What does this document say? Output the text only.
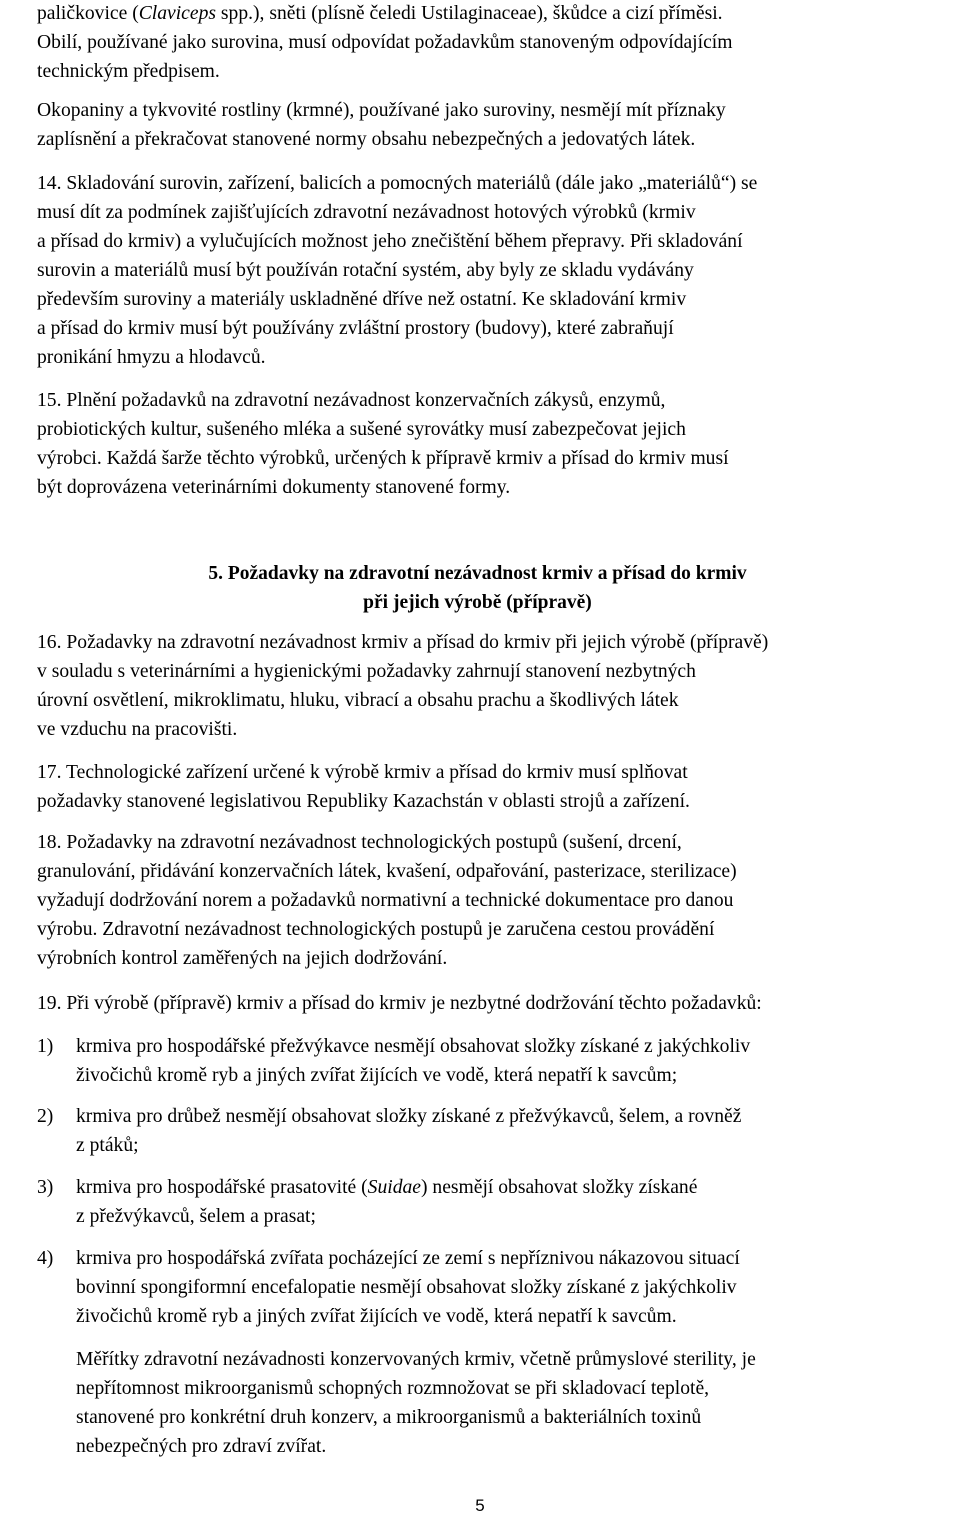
paličkovice (Claviceps spp.), sněti (plísně čeledi Ustilaginaceae), škůdce a cizí příměsi.
Obilí, používané jako surovina, musí odpovídat požadavkům stanoveným odpovídajícím
technickým předpisem.
Okopaniny a tykvovité rostliny (krmné), používané jako suroviny, nesmějí mít příznaky
zaplísnění a překračovat stanovené normy obsahu nebezpečných a jedovatých látek.
14. Skladování surovin, zařízení, balicích a pomocných materiálů (dále jako „materiálů“) se
musí dít za podmínek zajišťujících zdravotní nezávadnost hotových výrobků (krmiv
a přísad do krmiv) a vylučujících možnost jeho znečištění během přepravy. Při skladování
surovin a materiálů musí být používán rotační systém, aby byly ze skladu vydávány
především suroviny a materiály uskladněné dříve než ostatní. Ke skladování krmiv
a přísad do krmiv musí být používány zvláštní prostory (budovy), které zabraňují
pronikání hmyzu a hlodavců.
15. Plnění požadavků na zdravotní nezávadnost konzervačních zákysů, enzymů,
probiotických kultur, sušeného mléka a sušené syrovátky musí zabezpečovat jejich
výrobci. Každá šarže těchto výrobků, určených k přípravě krmiv a přísad do krmiv musí
být doprovázena veterinárními dokumenty stanovené formy.
5. Požadavky na zdravotní nezávadnost krmiv a přísad do krmiv
při jejich výrobě (přípravě)
16. Požadavky na zdravotní nezávadnost krmiv a přísad do krmiv při jejich výrobě (přípravě)
v souladu s veterinárními a hygienickými požadavky zahrnují stanovení nezbytných
úrovní osvětlení, mikroklimatu, hluku, vibrací a obsahu prachu a škodlivých látek
ve vzduchu na pracovišti.
17. Technologické zařízení určené k výrobě krmiv a přísad do krmiv musí splňovat
požadavky stanovené legislativou Republiky Kazachstán v oblasti strojů a zařízení.
18. Požadavky na zdravotní nezávadnost technologických postupů (sušení, drcení,
granulování, přidávání konzervačních látek, kvašení, odpařování, pasterizace, sterilizace)
vyžadují dodržování norem a požadavků normativní a technické dokumentace pro danou
výrobu. Zdravotní nezávadnost technologických postupů je zaručena cestou provádění
výrobních kontrol zaměřených na jejich dodržování.
19. Při výrobě (přípravě) krmiv a přísad do krmiv je nezbytné dodržování těchto požadavků:
1) krmiva pro hospodářské přežvýkavce nesmějí obsahovat složky získané z jakýchkoliv
živočichů kromě ryb a jiných zvířat žijících ve vodě, která nepatří k savcům;
2) krmiva pro drůbež nesmějí obsahovat složky získané z přežvýkavců, šelem, a rovněž
z ptáků;
3) krmiva pro hospodářské prasatovité (Suidae) nesmějí obsahovat složky získané
z přežvýkavců, šelem a prasat;
4) krmiva pro hospodářská zvířata pocházející ze zemí s nepříznivou nákazovou situací
bovinní spongiformní encefalopatie nesmějí obsahovat složky získané z jakýchkoliv
živočichů kromě ryb a jiných zvířat žijících ve vodě, která nepatří k savcům.
Měřítky zdravotní nezávadnosti konzervovaných krmiv, včetně průmyslové sterility, je
nepřítomnost mikroorganismů schopných rozmnožovat se při skladovací teplotě,
stanovené pro konkrétní druh konzerv, a mikroorganismů a bakteriálních toxinů
nebezpečných pro zdraví zvířat.
5
